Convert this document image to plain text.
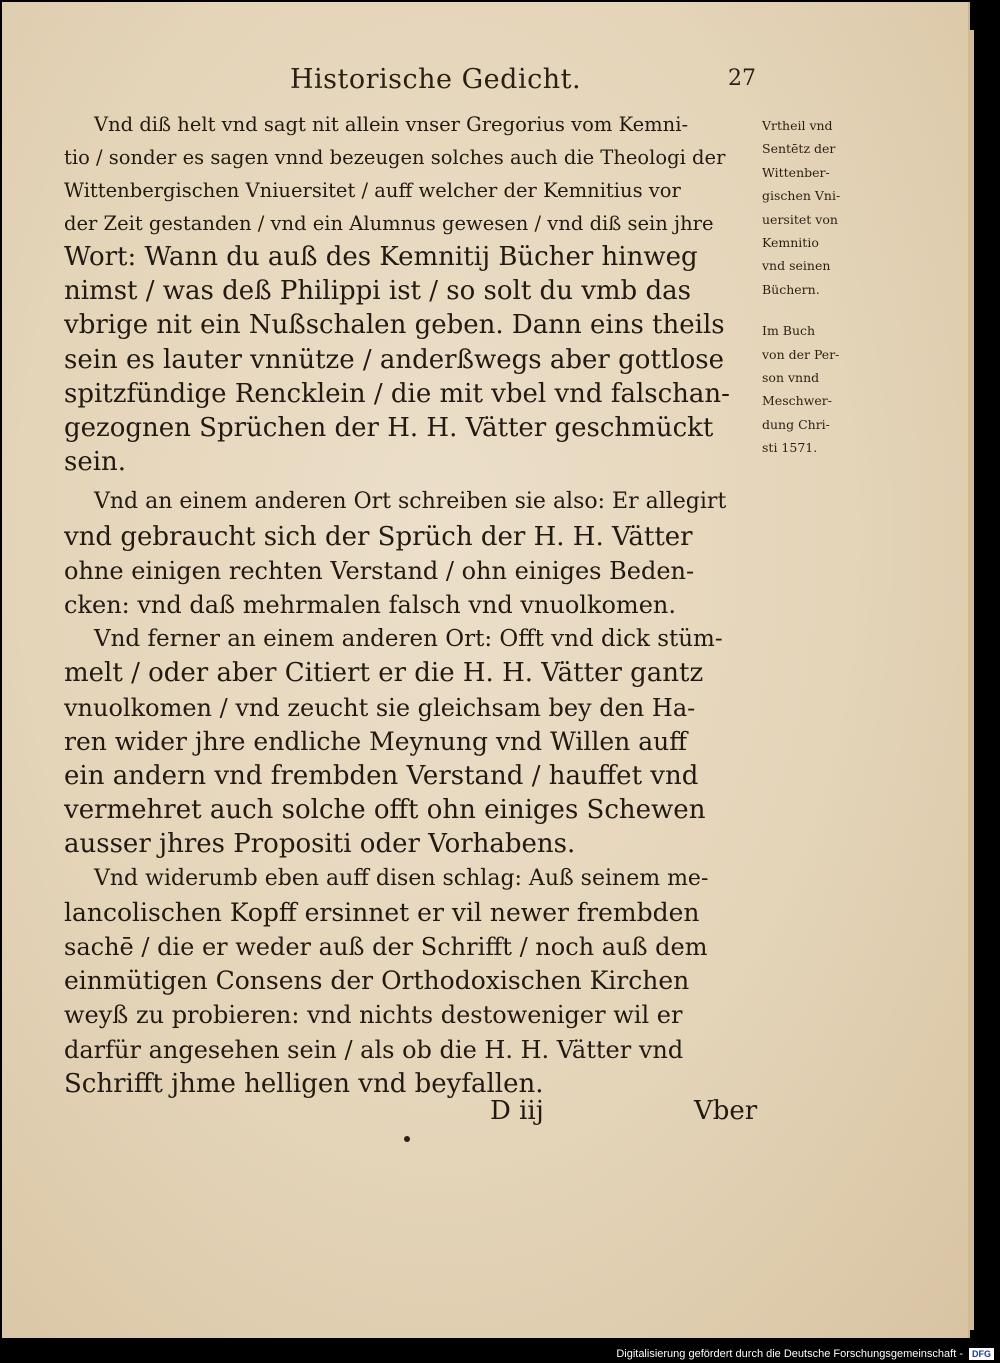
Historische Gedicht.	27
Vnd diß helt vnd sagt nit allein vnser Gregorius vom Kemni-
tio / sonder es sagen vnnd bezeugen solches auch die Theologi der
Wittenbergischen Vniuersitet / auff welcher der Kemnitius vor
der Zeit gestanden / vnd ein Alumnus gewesen / vnd diß sein jhre
Wort: Wann du auß des Kemnitij Bücher hinweg
nimst / was deß Philippi ist / so solt du vmb das
vbrige nit ein Nußschalen geben. Dann eins theils
sein es lauter vnnütze / anderßwegs aber gottlose
spitzfündige Rencklein / die mit vbel vnd falschan-
gezognen Sprüchen der H. H. Vätter geschmückt
sein.
Vnd an einem anderen Ort schreiben sie also: Er allegirt
vnd gebraucht sich der Sprüch der H. H. Vätter
ohne einigen rechten Verstand / ohn einiges Beden-
cken: vnd daß mehrmalen falsch vnd vnuolkomen.
Vnd ferner an einem anderen Ort: Offt vnd dick stüm-
melt / oder aber Citiert er die H. H. Vätter gantz
vnuolkomen / vnd zeucht sie gleichsam bey den Ha-
ren wider jhre endliche Meynung vnd Willen auff
ein andern vnd frembden Verstand / hauffet vnd
vermehret auch solche offt ohn einiges Schewen
ausser jhres Propositi oder Vorhabens.
Vnd widerumb eben auff disen schlag: Auß seinem me-
lancolischen Kopff ersinnet er vil newer frembden
sachē / die er weder auß der Schrifft / noch auß dem
einmütigen Consens der Orthodoxischen Kirchen
weyß zu probieren: vnd nichts destoweniger wil er
darfür angesehen sein / als ob die H. H. Vätter vnd
Schrifft jhme helligen vnd beyfallen.
Vrtheil vnd
Sentētz der
Wittenber-
gischen Vni-
uersitet von
Kemnitio
vnd seinen
Büchern.
Im Buch
von der Per-
son vnnd
Meschwer-
dung Chri-
sti 1571.
D iij	Vber
Digitalisierung gefördert durch die Deutsche Forschungsgemeinschaft -	DFG
